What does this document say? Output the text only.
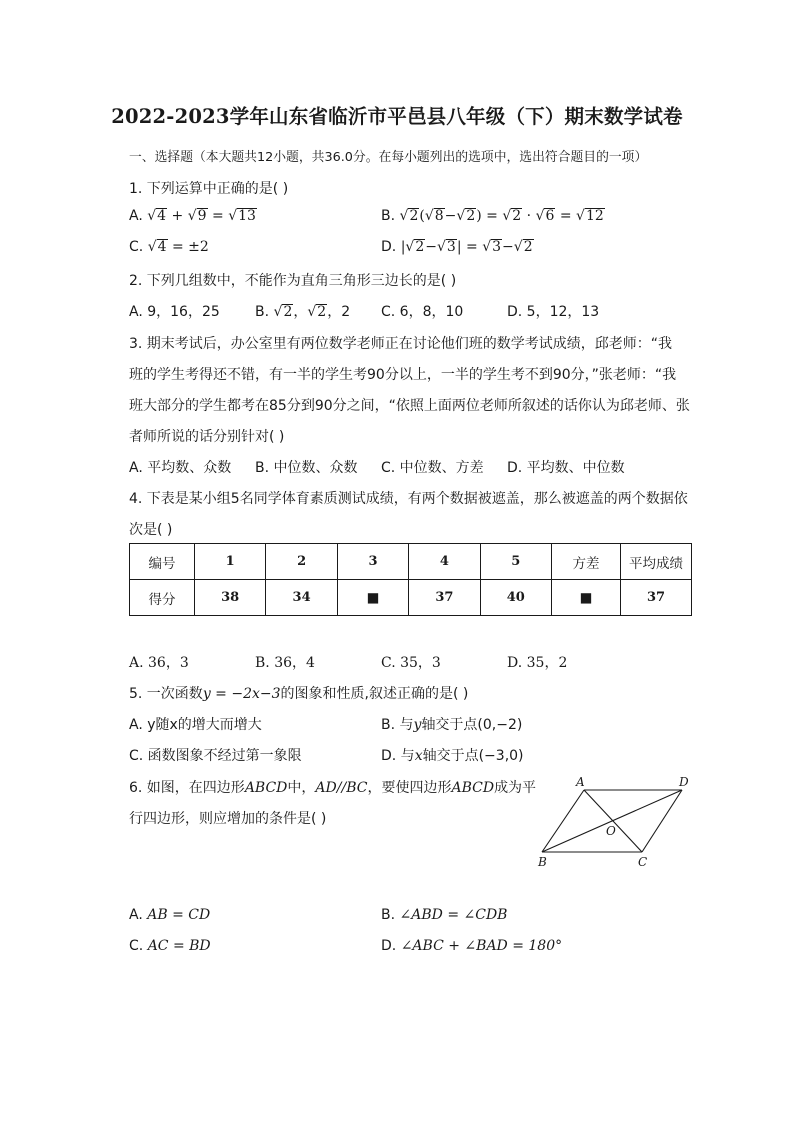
2022-2023学年山东省临沂市平邑县八年级（下）期末数学试卷
一、选择题（本大题共12小题，共36.0分。在每小题列出的选项中，选出符合题目的一项）
1. 下列运算中正确的是( )
A. √4 + √9 = √13	B. √2(√8−√2) = √2 · √6 = √12
C. √4 = ±2	D. |√2−√3| = √3−√2
2. 下列几组数中，不能作为直角三角形三边长的是( )
A. 9，16，25	B. √2，√2，2 C. 6，8，10	D. 5，12，13
3. 期末考试后，办公室里有两位数学老师正在讨论他们班的数学考试成绩，邱老师：“我
班的学生考得还不错，有一半的学生考90分以上，一半的学生考不到90分，”张老师：“我
班大部分的学生都考在85分到90分之间，“依照上面两位老师所叙述的话你认为邱老师、张
者师所说的话分别针对( )
A. 平均数、众数 B. 中位数、众数 C. 中位数、方差 D. 平均数、中位数
4. 下表是某小组5名同学体育素质测试成绩，有两个数据被遮盖，那么被遮盖的两个数据依
次是( )
编号	1	2	3	4	5	方差	平均成绩
得分	38	34	■	37	40	■	37
A. 36，3	B. 36，4	C. 35，3	D. 35，2
5. 一次函数y = −2x−3的图象和性质,叙述正确的是( )
A. y随x的增大而增大	B. 与y轴交于点(0,−2)
C. 函数图象不经过第一象限	D. 与x轴交于点(−3,0)
6. 如图，在四边形ABCD中，AD//BC，要使四边形ABCD成为平
行四边形，则应增加的条件是( )
A	D
B	C
O
A. AB = CD	B. ∠ABD = ∠CDB
C. AC = BD	D. ∠ABC + ∠BAD = 180°
